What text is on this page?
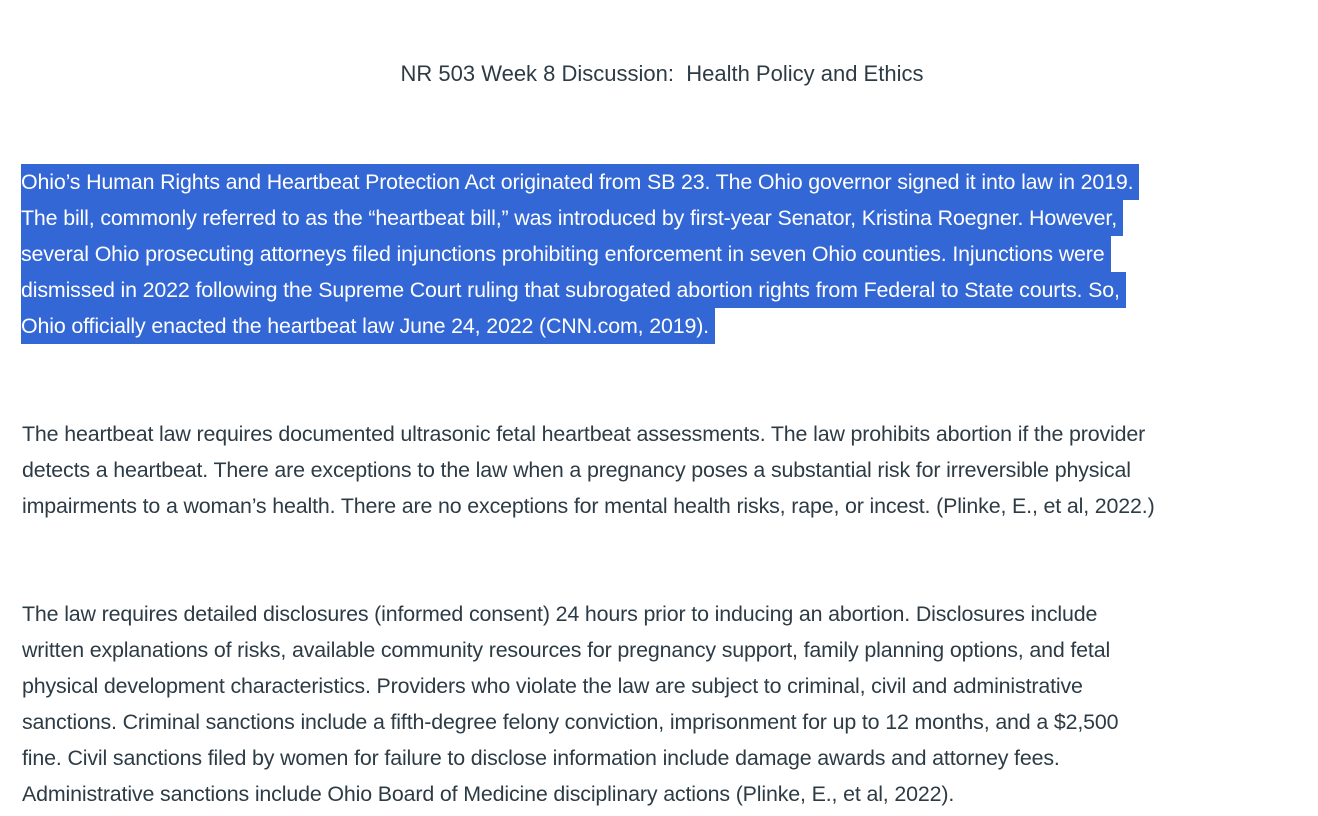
NR 503 Week 8 Discussion:  Health Policy and Ethics
Ohio’s Human Rights and Heartbeat Protection Act originated from SB 23. The Ohio governor signed it into law in 2019.
The bill, commonly referred to as the “heartbeat bill,” was introduced by first-year Senator, Kristina Roegner. However,
several Ohio prosecuting attorneys filed injunctions prohibiting enforcement in seven Ohio counties. Injunctions were
dismissed in 2022 following the Supreme Court ruling that subrogated abortion rights from Federal to State courts. So,
Ohio officially enacted the heartbeat law June 24, 2022 (CNN.com, 2019).
The heartbeat law requires documented ultrasonic fetal heartbeat assessments. The law prohibits abortion if the provider
detects a heartbeat. There are exceptions to the law when a pregnancy poses a substantial risk for irreversible physical
impairments to a woman’s health. There are no exceptions for mental health risks, rape, or incest. (Plinke, E., et al, 2022.)
The law requires detailed disclosures (informed consent) 24 hours prior to inducing an abortion. Disclosures include
written explanations of risks, available community resources for pregnancy support, family planning options, and fetal
physical development characteristics. Providers who violate the law are subject to criminal, civil and administrative
sanctions. Criminal sanctions include a fifth-degree felony conviction, imprisonment for up to 12 months, and a $2,500
fine. Civil sanctions filed by women for failure to disclose information include damage awards and attorney fees.
Administrative sanctions include Ohio Board of Medicine disciplinary actions (Plinke, E., et al, 2022).
